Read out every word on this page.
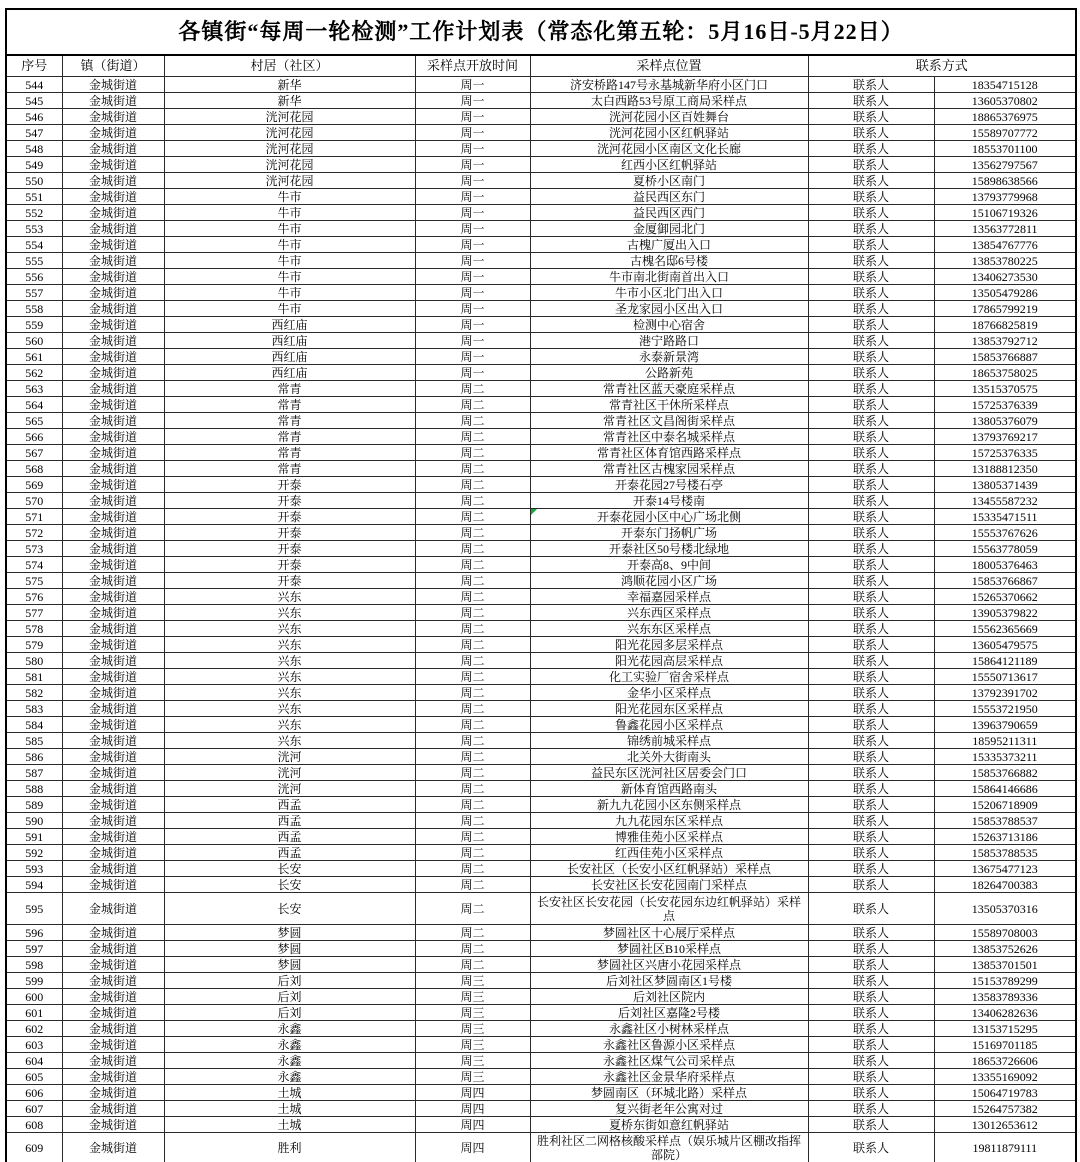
各镇街“每周一轮检测”工作计划表（常态化第五轮：5月16日-5月22日）						
序号	镇（街道）	村居（社区）	采样点开放时间	采样点位置	联系方式	
544	金城街道	新华	周一	济安桥路147号永基城新华府小区门口	联系人	18354715128
545	金城街道	新华	周一	太白西路53号原工商局采样点	联系人	13605370802
546	金城街道	洸河花园	周一	洸河花园小区百姓舞台	联系人	18865376975
547	金城街道	洸河花园	周一	洸河花园小区红帆驿站	联系人	15589707772
548	金城街道	洸河花园	周一	洸河花园小区南区文化长廊	联系人	18553701100
549	金城街道	洸河花园	周一	红西小区红帆驿站	联系人	13562797567
550	金城街道	洸河花园	周一	夏桥小区南门	联系人	15898638566
551	金城街道	牛市	周一	益民西区东门	联系人	13793779968
552	金城街道	牛市	周一	益民西区西门	联系人	15106719326
553	金城街道	牛市	周一	金厦御园北门	联系人	13563772811
554	金城街道	牛市	周一	古槐广厦出入口	联系人	13854767776
555	金城街道	牛市	周一	古槐名邸6号楼	联系人	13853780225
556	金城街道	牛市	周一	牛市南北街南首出入口	联系人	13406273530
557	金城街道	牛市	周一	牛市小区北门出入口	联系人	13505479286
558	金城街道	牛市	周一	圣龙家园小区出入口	联系人	17865799219
559	金城街道	西红庙	周一	检测中心宿舍	联系人	18766825819
560	金城街道	西红庙	周一	港宁路路口	联系人	13853792712
561	金城街道	西红庙	周一	永泰新景湾	联系人	15853766887
562	金城街道	西红庙	周一	公路新苑	联系人	18653758025
563	金城街道	常青	周二	常青社区蓝天豪庭采样点	联系人	13515370575
564	金城街道	常青	周二	常青社区干休所采样点	联系人	15725376339
565	金城街道	常青	周二	常青社区文昌阁街采样点	联系人	13805376079
566	金城街道	常青	周二	常青社区中泰名城采样点	联系人	13793769217
567	金城街道	常青	周二	常青社区体育馆西路采样点	联系人	15725376335
568	金城街道	常青	周二	常青社区古槐家园采样点	联系人	13188812350
569	金城街道	开泰	周二	开泰花园27号楼石亭	联系人	13805371439
570	金城街道	开泰	周二	开泰14号楼南	联系人	13455587232
571	金城街道	开泰	周二	开泰花园小区中心广场北侧	联系人	15335471511
572	金城街道	开泰	周二	开泰东门扬帆广场	联系人	15553767626
573	金城街道	开泰	周二	开泰社区50号楼北绿地	联系人	15563778059
574	金城街道	开泰	周二	开泰高8、9中间	联系人	18005376463
575	金城街道	开泰	周二	鸿顺花园小区广场	联系人	15853766867
576	金城街道	兴东	周二	幸福嘉园采样点	联系人	15265370662
577	金城街道	兴东	周二	兴东西区采样点	联系人	13905379822
578	金城街道	兴东	周二	兴东东区采样点	联系人	15562365669
579	金城街道	兴东	周二	阳光花园多层采样点	联系人	13605479575
580	金城街道	兴东	周二	阳光花园高层采样点	联系人	15864121189
581	金城街道	兴东	周二	化工实验厂宿舍采样点	联系人	15550713617
582	金城街道	兴东	周二	金华小区采样点	联系人	13792391702
583	金城街道	兴东	周二	阳光花园东区采样点	联系人	15553721950
584	金城街道	兴东	周二	鲁鑫花园小区采样点	联系人	13963790659
585	金城街道	兴东	周二	锦绣前城采样点	联系人	18595211311
586	金城街道	洸河	周二	北关外大街南头	联系人	15335373211
587	金城街道	洸河	周二	益民东区洸河社区居委会门口	联系人	15853766882
588	金城街道	洸河	周二	新体育馆西路南头	联系人	15864146686
589	金城街道	西孟	周二	新九九花园小区东侧采样点	联系人	15206718909
590	金城街道	西孟	周二	九九花园东区采样点	联系人	15853788537
591	金城街道	西孟	周二	博雅佳苑小区采样点	联系人	15263713186
592	金城街道	西孟	周二	红西佳苑小区采样点	联系人	15853788535
593	金城街道	长安	周二	长安社区（长安小区红帆驿站）采样点	联系人	13675477123
594	金城街道	长安	周二	长安社区长安花园南门采样点	联系人	18264700383
595	金城街道	长安	周二	长安社区长安花园（长安花园东边红帆驿站）采样点	联系人	13505370316
596	金城街道	梦圆	周二	梦圆社区十心展厅采样点	联系人	15589708003
597	金城街道	梦圆	周二	梦圆社区B10采样点	联系人	13853752626
598	金城街道	梦圆	周二	梦圆社区兴唐小花园采样点	联系人	13853701501
599	金城街道	后刘	周三	后刘社区梦圆南区1号楼	联系人	15153789299
600	金城街道	后刘	周三	后刘社区院内	联系人	13583789336
601	金城街道	后刘	周三	后刘社区嘉隆2号楼	联系人	13406282636
602	金城街道	永鑫	周三	永鑫社区小树林采样点	联系人	13153715295
603	金城街道	永鑫	周三	永鑫社区鲁源小区采样点	联系人	15169701185
604	金城街道	永鑫	周三	永鑫社区煤气公司采样点	联系人	18653726606
605	金城街道	永鑫	周三	永鑫社区金景华府采样点	联系人	13355169092
606	金城街道	土城	周四	梦圆南区（环城北路）采样点	联系人	15064719783
607	金城街道	土城	周四	复兴街老年公寓对过	联系人	15264757382
608	金城街道	土城	周四	夏桥东街如意红帆驿站	联系人	13012653612
609	金城街道	胜利	周四	胜利社区二网格核酸采样点（娱乐城片区棚改指挥部院）	联系人	19811879111
